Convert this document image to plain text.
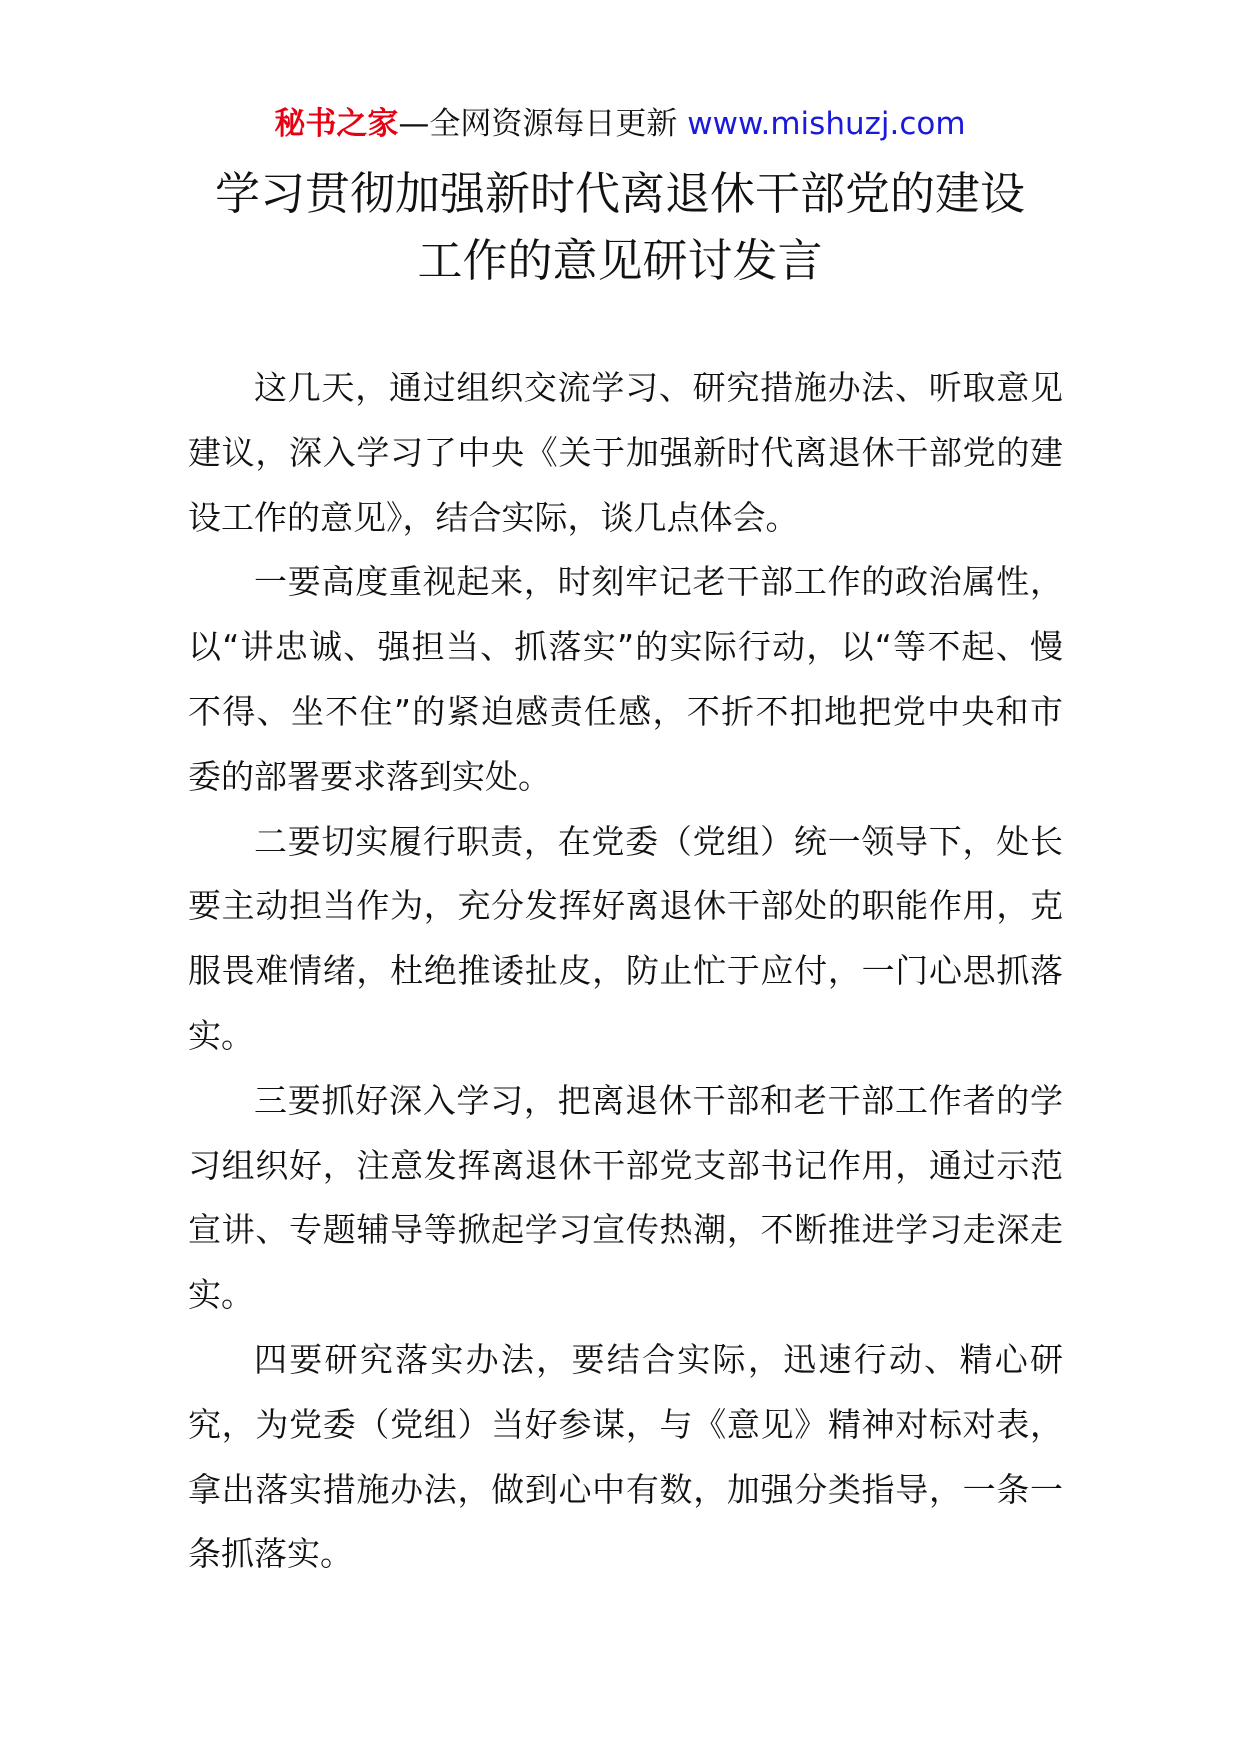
秘书之家—全网资源每日更新 www.mishuzj.com
学习贯彻加强新时代离退休干部党的建设
工作的意见研讨发言

这几天，通过组织交流学习、研究措施办法、听取意见建议，深入学习了中央《关于加强新时代离退休干部党的建设工作的意见》，结合实际，谈几点体会。

一要高度重视起来，时刻牢记老干部工作的政治属性，以“讲忠诚、强担当、抓落实”的实际行动，以“等不起、慢不得、坐不住”的紧迫感责任感，不折不扣地把党中央和市委的部署要求落到实处。

二要切实履行职责，在党委（党组）统一领导下，处长要主动担当作为，充分发挥好离退休干部处的职能作用，克服畏难情绪，杜绝推诿扯皮，防止忙于应付，一门心思抓落实。

三要抓好深入学习，把离退休干部和老干部工作者的学习组织好，注意发挥离退休干部党支部书记作用，通过示范宣讲、专题辅导等掀起学习宣传热潮，不断推进学习走深走实。

四要研究落实办法，要结合实际，迅速行动、精心研究，为党委（党组）当好参谋，与《意见》精神对标对表，拿出落实措施办法，做到心中有数，加强分类指导，一条一条抓落实。
